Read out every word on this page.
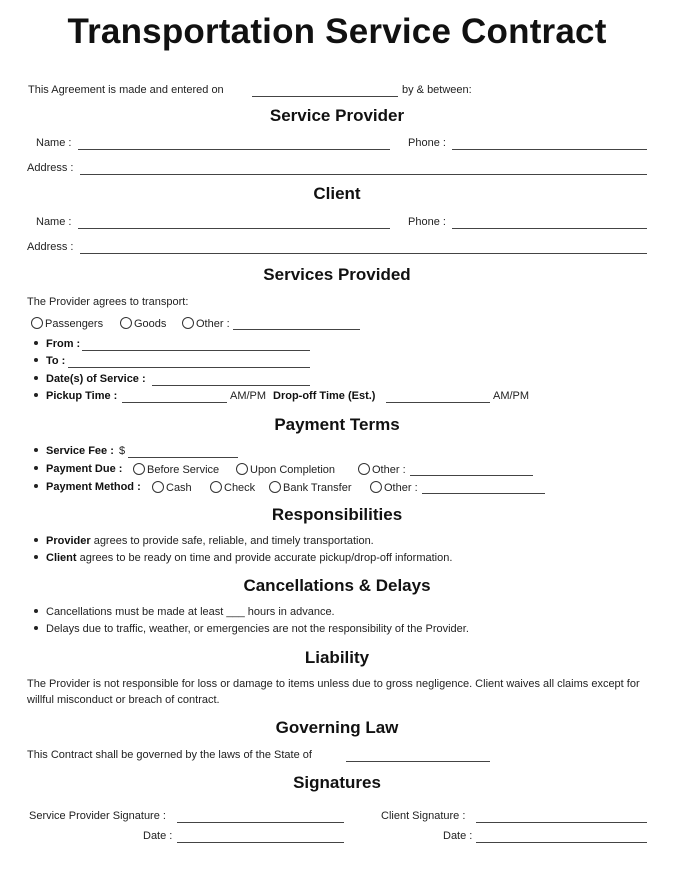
Transportation Service Contract
This Agreement is made and entered on	by & between:
Service Provider
Name :	Phone :
Address :
Client
Name :	Phone :
Address :
Services Provided
The Provider agrees to transport:
Passengers	Goods	Other :
From :
To :
Date(s) of Service :
Pickup Time :	AM/PM Drop-off Time (Est.)	AM/PM
Payment Terms
Service Fee : $
Payment Due :	Before Service	Upon Completion	Other :
Payment Method :	Cash	Check	Bank Transfer	Other :
Responsibilities
Provider agrees to provide safe, reliable, and timely transportation.
Client agrees to be ready on time and provide accurate pickup/drop-off information.
Cancellations & Delays
Cancellations must be made at least ___ hours in advance.
Delays due to traffic, weather, or emergencies are not the responsibility of the Provider.
Liability
The Provider is not responsible for loss or damage to items unless due to gross negligence. Client waives all claims except for willful misconduct or breach of contract.
Governing Law
This Contract shall be governed by the laws of the State of
Signatures
Service Provider Signature :
Date :
Client Signature :
Date :
